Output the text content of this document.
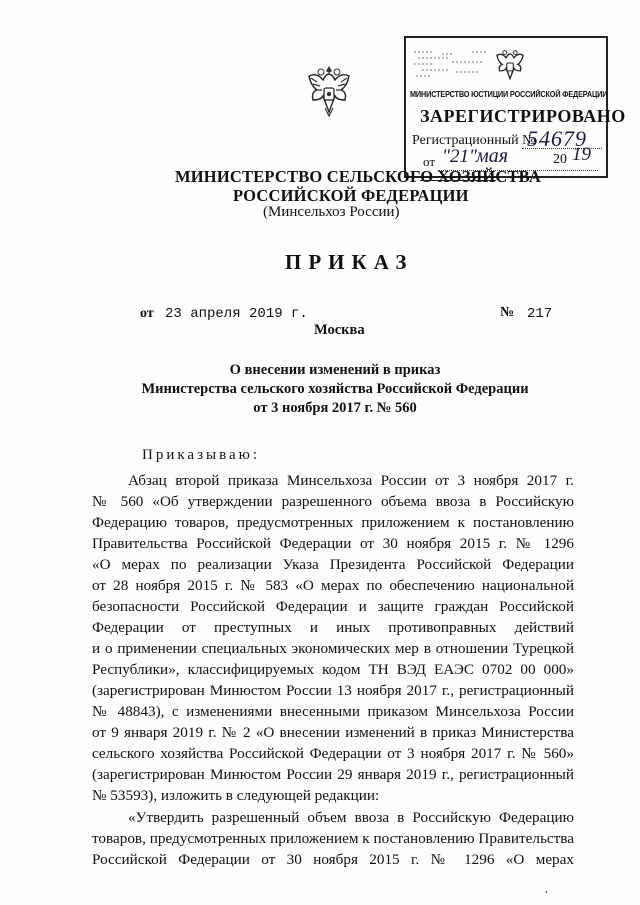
МИНИСТЕРСТВО ЮСТИЦИИ РОССИЙСКОЙ ФЕДЕРАЦИИ
ЗАРЕГИСТРИРОВАНО
Регистрационный №
54679
от "21" мая	20 19
МИНИСТЕРСТВО СЕЛЬСКОГО ХОЗЯЙСТВА
РОССИЙСКОЙ ФЕДЕРАЦИИ
(Минсельхоз России)
ПРИКАЗ
от 23 апреля 2019 г.	№ 217
Москва
О внесении изменений в приказ
Министерства сельского хозяйства Российской Федерации
от 3 ноября 2017 г. № 560
Приказываю:
Абзац второй приказа Минсельхоза России от 3 ноября 2017 г.
№ 560 «Об утверждении разрешенного объема ввоза в Российскую
Федерацию товаров, предусмотренных приложением к постановлению
Правительства Российской Федерации от 30 ноября 2015 г. № 1296
«О мерах по реализации Указа Президента Российской Федерации
от 28 ноября 2015 г. № 583 «О мерах по обеспечению национальной
безопасности Российской Федерации и защите граждан Российской
Федерации от преступных и иных противоправных действий
и о применении специальных экономических мер в отношении Турецкой
Республики», классифицируемых кодом ТН ВЭД ЕАЭС 0702 00 000»
(зарегистрирован Минюстом России 13 ноября 2017 г., регистрационный
№ 48843), с изменениями внесенными приказом Минсельхоза России
от 9 января 2019 г. № 2 «О внесении изменений в приказ Министерства
сельского хозяйства Российской Федерации от 3 ноября 2017 г. № 560»
(зарегистрирован Минюстом России 29 января 2019 г., регистрационный
№ 53593), изложить в следующей редакции:
«Утвердить разрешенный объем ввоза в Российскую Федерацию
товаров, предусмотренных приложением к постановлению Правительства
Российской Федерации от 30 ноября 2015 г. № 1296 «О мерах
,
